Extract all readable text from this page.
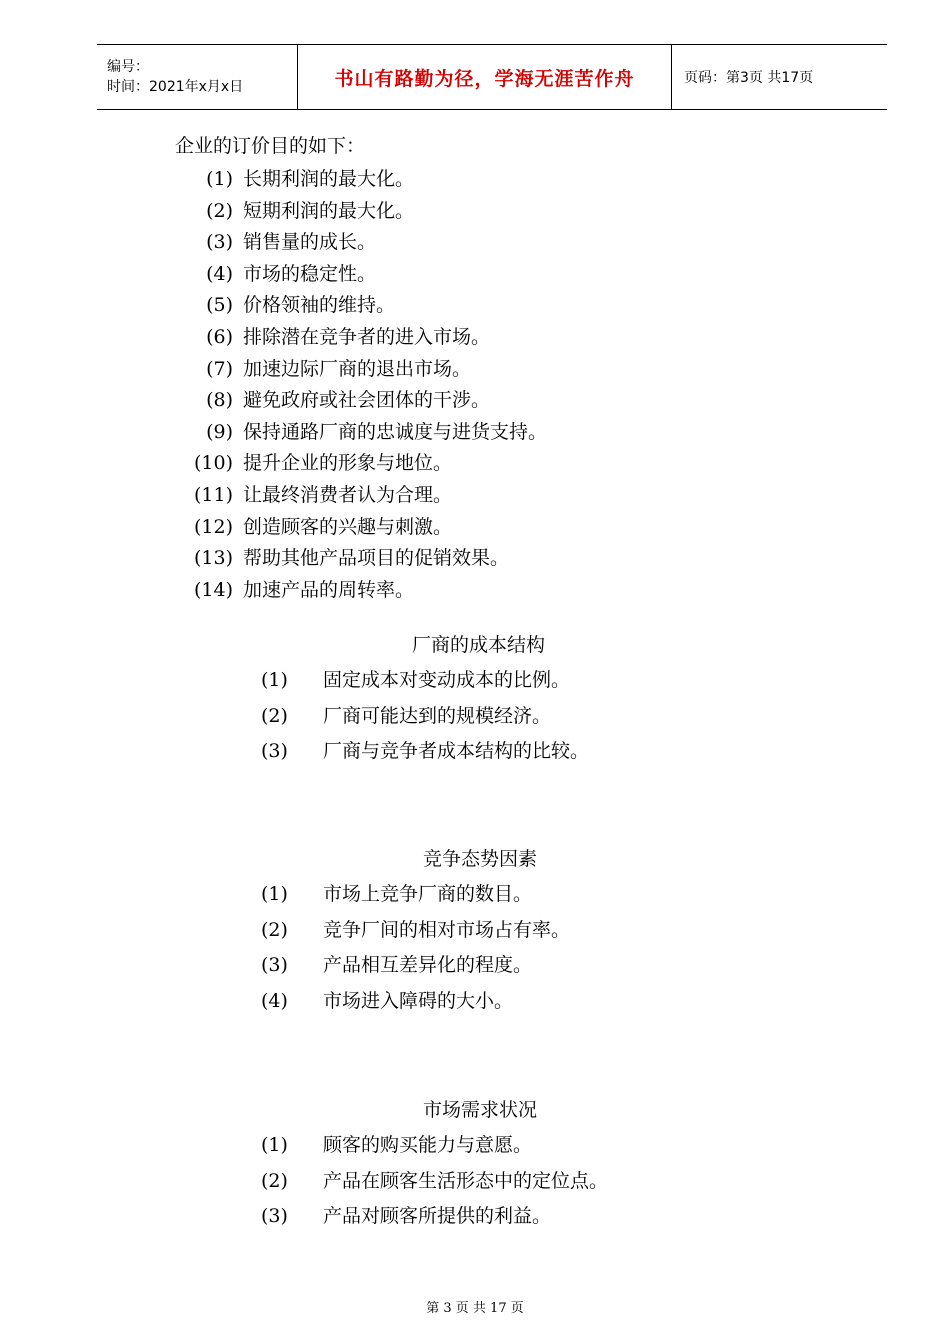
编号：
时间：2021年x月x日	书山有路勤为径，学海无涯苦作舟	页码：第3页 共17页
企业的订价目的如下：
(1) 长期利润的最大化。
(2) 短期利润的最大化。
(3) 销售量的成长。
(4) 市场的稳定性。
(5) 价格领袖的维持。
(6) 排除潜在竞争者的进入市场。
(7) 加速边际厂商的退出市场。
(8) 避免政府或社会团体的干涉。
(9) 保持通路厂商的忠诚度与进货支持。
(10) 提升企业的形象与地位。
(11) 让最终消费者认为合理。
(12) 创造顾客的兴趣与刺激。
(13) 帮助其他产品项目的促销效果。
(14) 加速产品的周转率。
厂商的成本结构
(1) 固定成本对变动成本的比例。
(2) 厂商可能达到的规模经济。
(3) 厂商与竞争者成本结构的比较。
竞争态势因素
(1) 市场上竞争厂商的数目。
(2) 竞争厂间的相对市场占有率。
(3) 产品相互差异化的程度。
(4) 市场进入障碍的大小。
市场需求状况
(1) 顾客的购买能力与意愿。
(2) 产品在顾客生活形态中的定位点。
(3) 产品对顾客所提供的利益。
第 3 页 共 17 页
